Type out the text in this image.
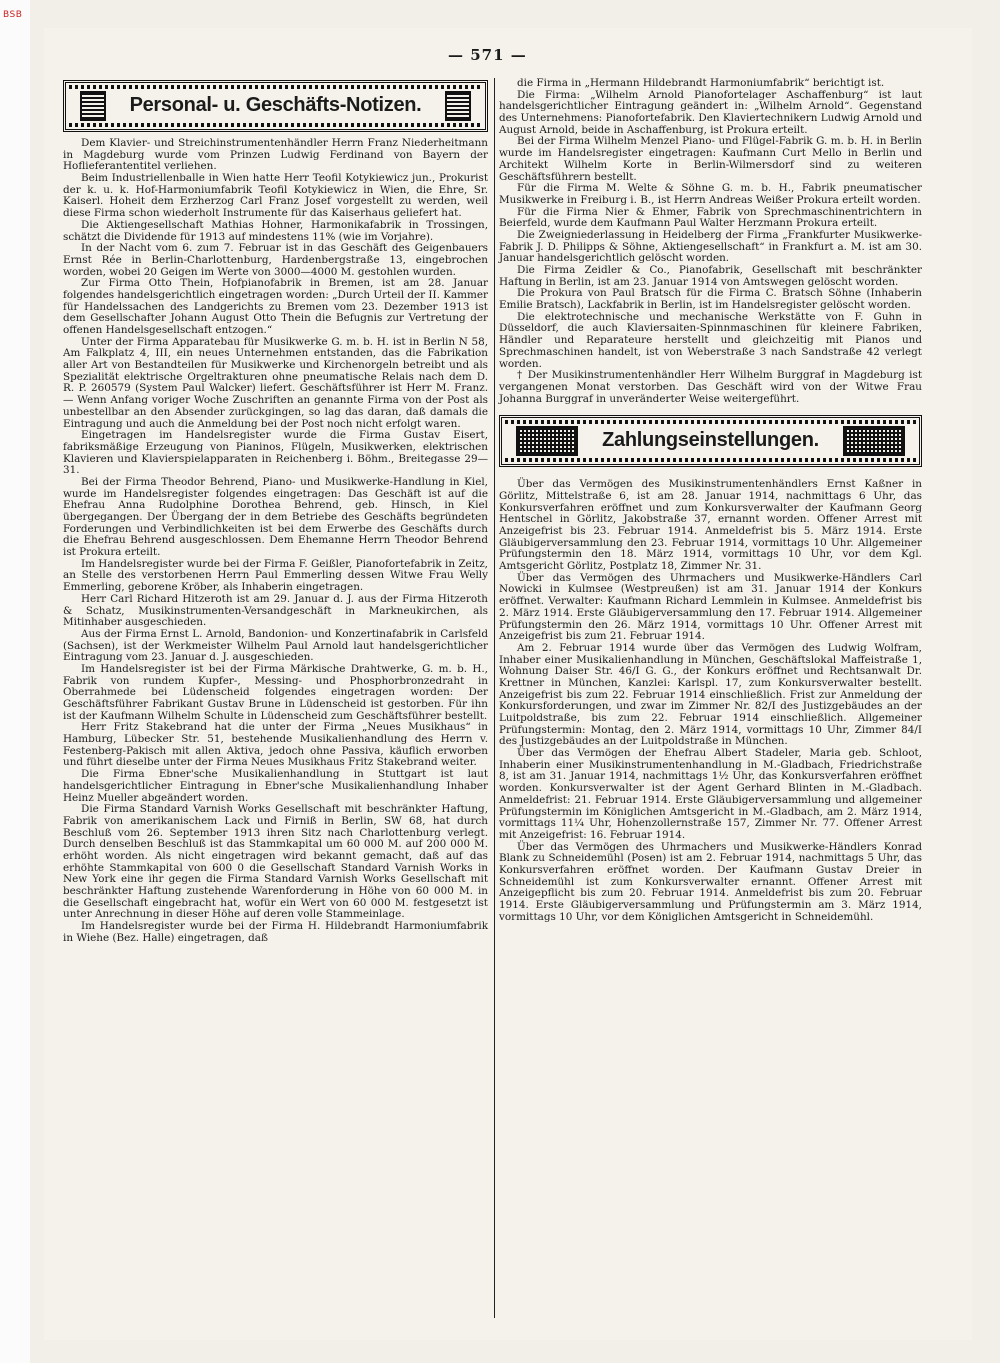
BSB
— 571 —
Personal- u. Geschäfts-Notizen.

Dem Klavier- und Streichinstrumentenhändler Herrn Franz Niederheitmann in Magdeburg wurde vom Prinzen Ludwig Ferdinand von Bayern der Hoflieferantentitel verliehen.

Beim Industriellenballe in Wien hatte Herr Teofil Kotykiewicz jun., Prokurist der k. u. k. Hof-Harmoniumfabrik Teofil Kotykiewicz in Wien, die Ehre, Sr. Kaiserl. Hoheit dem Erzherzog Carl Franz Josef vorgestellt zu werden, weil diese Firma schon wiederholt Instrumente für das Kaiserhaus geliefert hat.

Die Aktiengesellschaft Mathias Hohner, Harmonikafabrik in Trossingen, schätzt die Dividende für 1913 auf mindestens 11% (wie im Vorjahre).

In der Nacht vom 6. zum 7. Februar ist in das Geschäft des Geigenbauers Ernst Rée in Berlin-Charlottenburg, Hardenbergstraße 13, eingebrochen worden, wobei 20 Geigen im Werte von 3000—4000 M. gestohlen wurden.

Zur Firma Otto Thein, Hofpianofabrik in Bremen, ist am 28. Januar folgendes handelsgerichtlich eingetragen worden: „Durch Urteil der II. Kammer für Handelssachen des Landgerichts zu Bremen vom 23. Dezember 1913 ist dem Gesellschafter Johann August Otto Thein die Befugnis zur Vertretung der offenen Handelsgesellschaft entzogen.“

Unter der Firma Apparatebau für Musikwerke G. m. b. H. ist in Berlin N 58, Am Falkplatz 4, III, ein neues Unternehmen entstanden, das die Fabrikation aller Art von Bestandteilen für Musikwerke und Kirchenorgeln betreibt und als Spezialität elektrische Orgeltrakturen ohne pneumatische Relais nach dem D. R. P. 260579 (System Paul Walcker) liefert. Geschäftsführer ist Herr M. Franz. — Wenn Anfang voriger Woche Zuschriften an genannte Firma von der Post als unbestellbar an den Absender zurückgingen, so lag das daran, daß damals die Eintragung und auch die Anmeldung bei der Post noch nicht erfolgt waren.

Eingetragen im Handelsregister wurde die Firma Gustav Eisert, fabriksmäßige Erzeugung von Pianinos, Flügeln, Musikwerken, elektrischen Klavieren und Klavierspielapparaten in Reichenberg i. Böhm., Breitegasse 29—31.

Bei der Firma Theodor Behrend, Piano- und Musikwerke-Handlung in Kiel, wurde im Handelsregister folgendes eingetragen: Das Geschäft ist auf die Ehefrau Anna Rudolphine Dorothea Behrend, geb. Hinsch, in Kiel übergegangen. Der Übergang der in dem Betriebe des Geschäfts begründeten Forderungen und Verbindlichkeiten ist bei dem Erwerbe des Geschäfts durch die Ehefrau Behrend ausgeschlossen. Dem Ehemanne Herrn Theodor Behrend ist Prokura erteilt.

Im Handelsregister wurde bei der Firma F. Geißler, Pianofortefabrik in Zeitz, an Stelle des verstorbenen Herrn Paul Emmerling dessen Witwe Frau Welly Emmerling, geborene Kröber, als Inhaberin eingetragen.

Herr Carl Richard Hitzeroth ist am 29. Januar d. J. aus der Firma Hitzeroth & Schatz, Musikinstrumenten-Versandgeschäft in Markneukirchen, als Mitinhaber ausgeschieden.

Aus der Firma Ernst L. Arnold, Bandonion- und Konzertinafabrik in Carlsfeld (Sachsen), ist der Werkmeister Wilhelm Paul Arnold laut handelsgerichtlicher Eintragung vom 23. Januar d. J. ausgeschieden.

Im Handelsregister ist bei der Firma Märkische Drahtwerke, G. m. b. H., Fabrik von rundem Kupfer-, Messing- und Phosphorbronzedraht in Oberrahmede bei Lüdenscheid folgendes eingetragen worden: Der Geschäftsführer Fabrikant Gustav Brune in Lüdenscheid ist gestorben. Für ihn ist der Kaufmann Wilhelm Schulte in Lüdenscheid zum Geschäftsführer bestellt.

Herr Fritz Stakebrand hat die unter der Firma „Neues Musikhaus“ in Hamburg, Lübecker Str. 51, bestehende Musikalienhandlung des Herrn v. Festenberg-Pakisch mit allen Aktiva, jedoch ohne Passiva, käuflich erworben und führt dieselbe unter der Firma Neues Musikhaus Fritz Stakebrand weiter.

Die Firma Ebner'sche Musikalienhandlung in Stuttgart ist laut handelsgerichtlicher Eintragung in Ebner'sche Musikalienhandlung Inhaber Heinz Mueller abgeändert worden.

Die Firma Standard Varnish Works Gesellschaft mit beschränkter Haftung, Fabrik von amerikanischem Lack und Firniß in Berlin, SW 68, hat durch Beschluß vom 26. September 1913 ihren Sitz nach Charlottenburg verlegt. Durch denselben Beschluß ist das Stammkapital um 60 000 M. auf 200 000 M. erhöht worden. Als nicht eingetragen wird bekannt gemacht, daß auf das erhöhte Stammkapital von 600 0 die Gesellschaft Standard Varnish Works in New York eine ihr gegen die Firma Standard Varnish Works Gesellschaft mit beschränkter Haftung zustehende Warenforderung in Höhe von 60 000 M. in die Gesellschaft eingebracht hat, wofür ein Wert von 60 000 M. festgesetzt ist unter Anrechnung in dieser Höhe auf deren volle Stammeinlage.

Im Handelsregister wurde bei der Firma H. Hildebrandt Harmoniumfabrik in Wiehe (Bez. Halle) eingetragen, daß

die Firma in „Hermann Hildebrandt Harmoniumfabrik“ berichtigt ist.

Die Firma: „Wilhelm Arnold Pianofortelager Aschaffenburg“ ist laut handelsgerichtlicher Eintragung geändert in: „Wilhelm Arnold“. Gegenstand des Unternehmens: Pianofortefabrik. Den Klaviertechnikern Ludwig Arnold und August Arnold, beide in Aschaffenburg, ist Prokura erteilt.

Bei der Firma Wilhelm Menzel Piano- und Flügel-Fabrik G. m. b. H. in Berlin wurde im Handelsregister eingetragen: Kaufmann Curt Mello in Berlin und Architekt Wilhelm Korte in Berlin-Wilmersdorf sind zu weiteren Geschäftsführern bestellt.

Für die Firma M. Welte & Söhne G. m. b. H., Fabrik pneumatischer Musikwerke in Freiburg i. B., ist Herrn Andreas Weißer Prokura erteilt worden.

Für die Firma Nier & Ehmer, Fabrik von Sprechmaschinentrichtern in Beierfeld, wurde dem Kaufmann Paul Walter Herzmann Prokura erteilt.

Die Zweigniederlassung in Heidelberg der Firma „Frankfurter Musikwerke-Fabrik J. D. Philipps & Söhne, Aktiengesellschaft“ in Frankfurt a. M. ist am 30. Januar handelsgerichtlich gelöscht worden.

Die Firma Zeidler & Co., Pianofabrik, Gesellschaft mit beschränkter Haftung in Berlin, ist am 23. Januar 1914 von Amtswegen gelöscht worden.

Die Prokura von Paul Bratsch für die Firma C. Bratsch Söhne (Inhaberin Emilie Bratsch), Lackfabrik in Berlin, ist im Handelsregister gelöscht worden.

Die elektrotechnische und mechanische Werkstätte von F. Guhn in Düsseldorf, die auch Klaviersaiten-Spinnmaschinen für kleinere Fabriken, Händler und Reparateure herstellt und gleichzeitig mit Pianos und Sprechmaschinen handelt, ist von Weberstraße 3 nach Sandstraße 42 verlegt worden.

† Der Musikinstrumentenhändler Herr Wilhelm Burggraf in Magdeburg ist vergangenen Monat verstorben. Das Geschäft wird von der Witwe Frau Johanna Burggraf in unveränderter Weise weitergeführt.

Zahlungseinstellungen.

Über das Vermögen des Musikinstrumentenhändlers Ernst Kaßner in Görlitz, Mittelstraße 6, ist am 28. Januar 1914, nachmittags 6 Uhr, das Konkursverfahren eröffnet und zum Konkursverwalter der Kaufmann Georg Hentschel in Görlitz, Jakobstraße 37, ernannt worden. Offener Arrest mit Anzeigefrist bis 23. Februar 1914. Anmeldefrist bis 5. März 1914. Erste Gläubigerversammlung den 23. Februar 1914, vormittags 10 Uhr. Allgemeiner Prüfungstermin den 18. März 1914, vormittags 10 Uhr, vor dem Kgl. Amtsgericht Görlitz, Postplatz 18, Zimmer Nr. 31.

Über das Vermögen des Uhrmachers und Musikwerke-Händlers Carl Nowicki in Kulmsee (Westpreußen) ist am 31. Januar 1914 der Konkurs eröffnet. Verwalter: Kaufmann Richard Lemmlein in Kulmsee. Anmeldefrist bis 2. März 1914. Erste Gläubigerversammlung den 17. Februar 1914. Allgemeiner Prüfungstermin den 26. März 1914, vormittags 10 Uhr. Offener Arrest mit Anzeigefrist bis zum 21. Februar 1914.

Am 2. Februar 1914 wurde über das Vermögen des Ludwig Wolfram, Inhaber einer Musikalienhandlung in München, Geschäftslokal Maffeistraße 1, Wohnung Daiser Str. 46/I G. G., der Konkurs eröffnet und Rechtsanwalt Dr. Krettner in München, Kanzlei: Karlspl. 17, zum Konkursverwalter bestellt. Anzeigefrist bis zum 22. Februar 1914 einschließlich. Frist zur Anmeldung der Konkursforderungen, und zwar im Zimmer Nr. 82/I des Justizgebäudes an der Luitpoldstraße, bis zum 22. Februar 1914 einschließlich. Allgemeiner Prüfungstermin: Montag, den 2. März 1914, vormittags 10 Uhr, Zimmer 84/I des Justizgebäudes an der Luitpoldstraße in München.

Über das Vermögen der Ehefrau Albert Stadeler, Maria geb. Schloot, Inhaberin einer Musikinstrumentenhandlung in M.-Gladbach, Friedrichstraße 8, ist am 31. Januar 1914, nachmittags 1½ Uhr, das Konkursverfahren eröffnet worden. Konkursverwalter ist der Agent Gerhard Blinten in M.-Gladbach. Anmeldefrist: 21. Februar 1914. Erste Gläubigerversammlung und allgemeiner Prüfungstermin im Königlichen Amtsgericht in M.-Gladbach, am 2. März 1914, vormittags 11¼ Uhr, Hohenzollernstraße 157, Zimmer Nr. 77. Offener Arrest mit Anzeigefrist: 16. Februar 1914.

Über das Vermögen des Uhrmachers und Musikwerke-Händlers Konrad Blank zu Schneidemühl (Posen) ist am 2. Februar 1914, nachmittags 5 Uhr, das Konkursverfahren eröffnet worden. Der Kaufmann Gustav Dreier in Schneidemühl ist zum Konkursverwalter ernannt. Offener Arrest mit Anzeigepflicht bis zum 20. Februar 1914. Anmeldefrist bis zum 20. Februar 1914. Erste Gläubigerversammlung und Prüfungstermin am 3. März 1914, vormittags 10 Uhr, vor dem Königlichen Amtsgericht in Schneidemühl.
